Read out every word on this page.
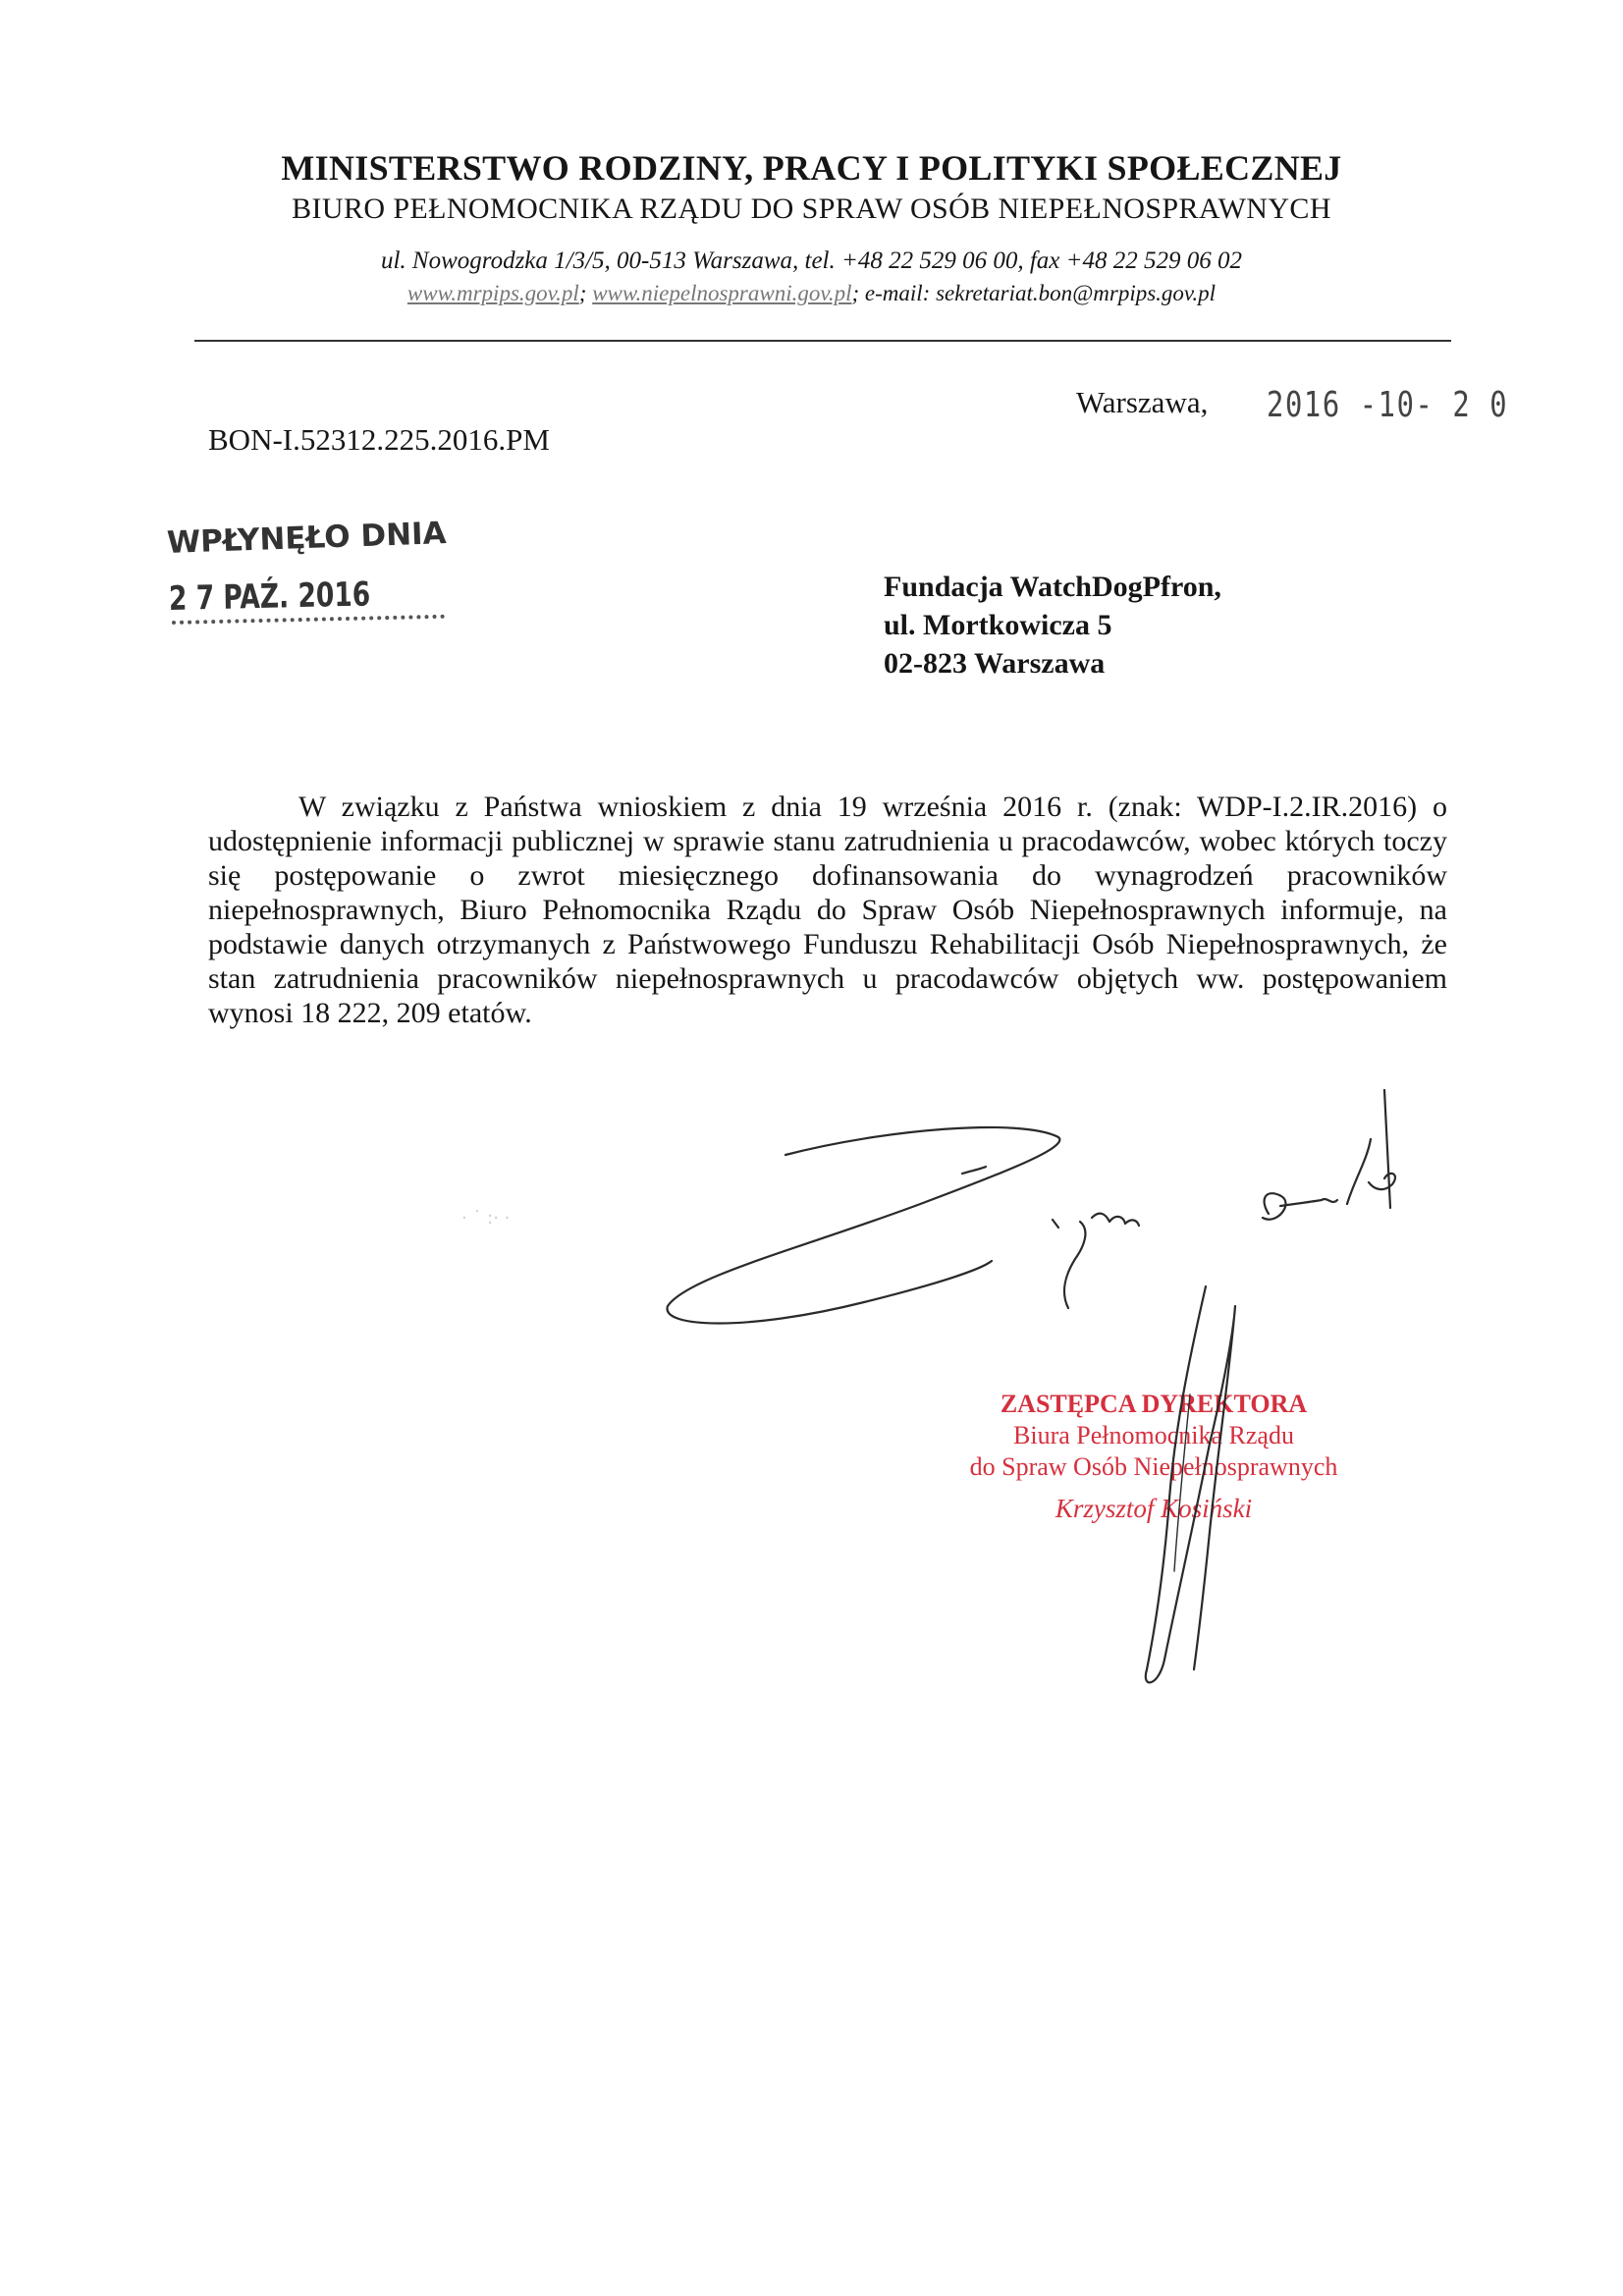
MINISTERSTWO RODZINY, PRACY I POLITYKI SPOŁECZNEJ
BIURO PEŁNOMOCNIKA RZĄDU DO SPRAW OSÓB NIEPEŁNOSPRAWNYCH
ul. Nowogrodzka 1/3/5, 00-513 Warszawa, tel. +48 22 529 06 00, fax +48 22 529 06 02
www.mrpips.gov.pl; www.niepelnosprawni.gov.pl; e-mail: sekretariat.bon@mrpips.gov.pl
BON-I.52312.225.2016.PM
Warszawa, 2016 -10- 2 0
WPŁYNĘŁO DNIA
2 7 PAŹ. 2016	Fundacja WatchDogPfron,
ul. Mortkowicza 5
02-823 Warszawa

W związku z Państwa wnioskiem z dnia 19 września 2016 r. (znak: WDP-I.2.IR.2016) o udostępnienie informacji publicznej w sprawie stanu zatrudnienia u pracodawców, wobec których toczy się postępowanie o zwrot miesięcznego dofinansowania do wynagrodzeń pracowników niepełnosprawnych, Biuro Pełnomocnika Rządu do Spraw Osób Niepełnosprawnych informuje, na podstawie danych otrzymanych z Państwowego Funduszu Rehabilitacji Osób Niepełnosprawnych, że stan zatrudnienia pracowników niepełnosprawnych u pracodawców objętych ww. postępowaniem wynosi 18 222, 209 etatów.

· ˙ :· ·
ZASTĘPCA DYREKTORA
Biura Pełnomocnika Rządu
do Spraw Osób Niepełnosprawnych
Krzysztof Kosiński
